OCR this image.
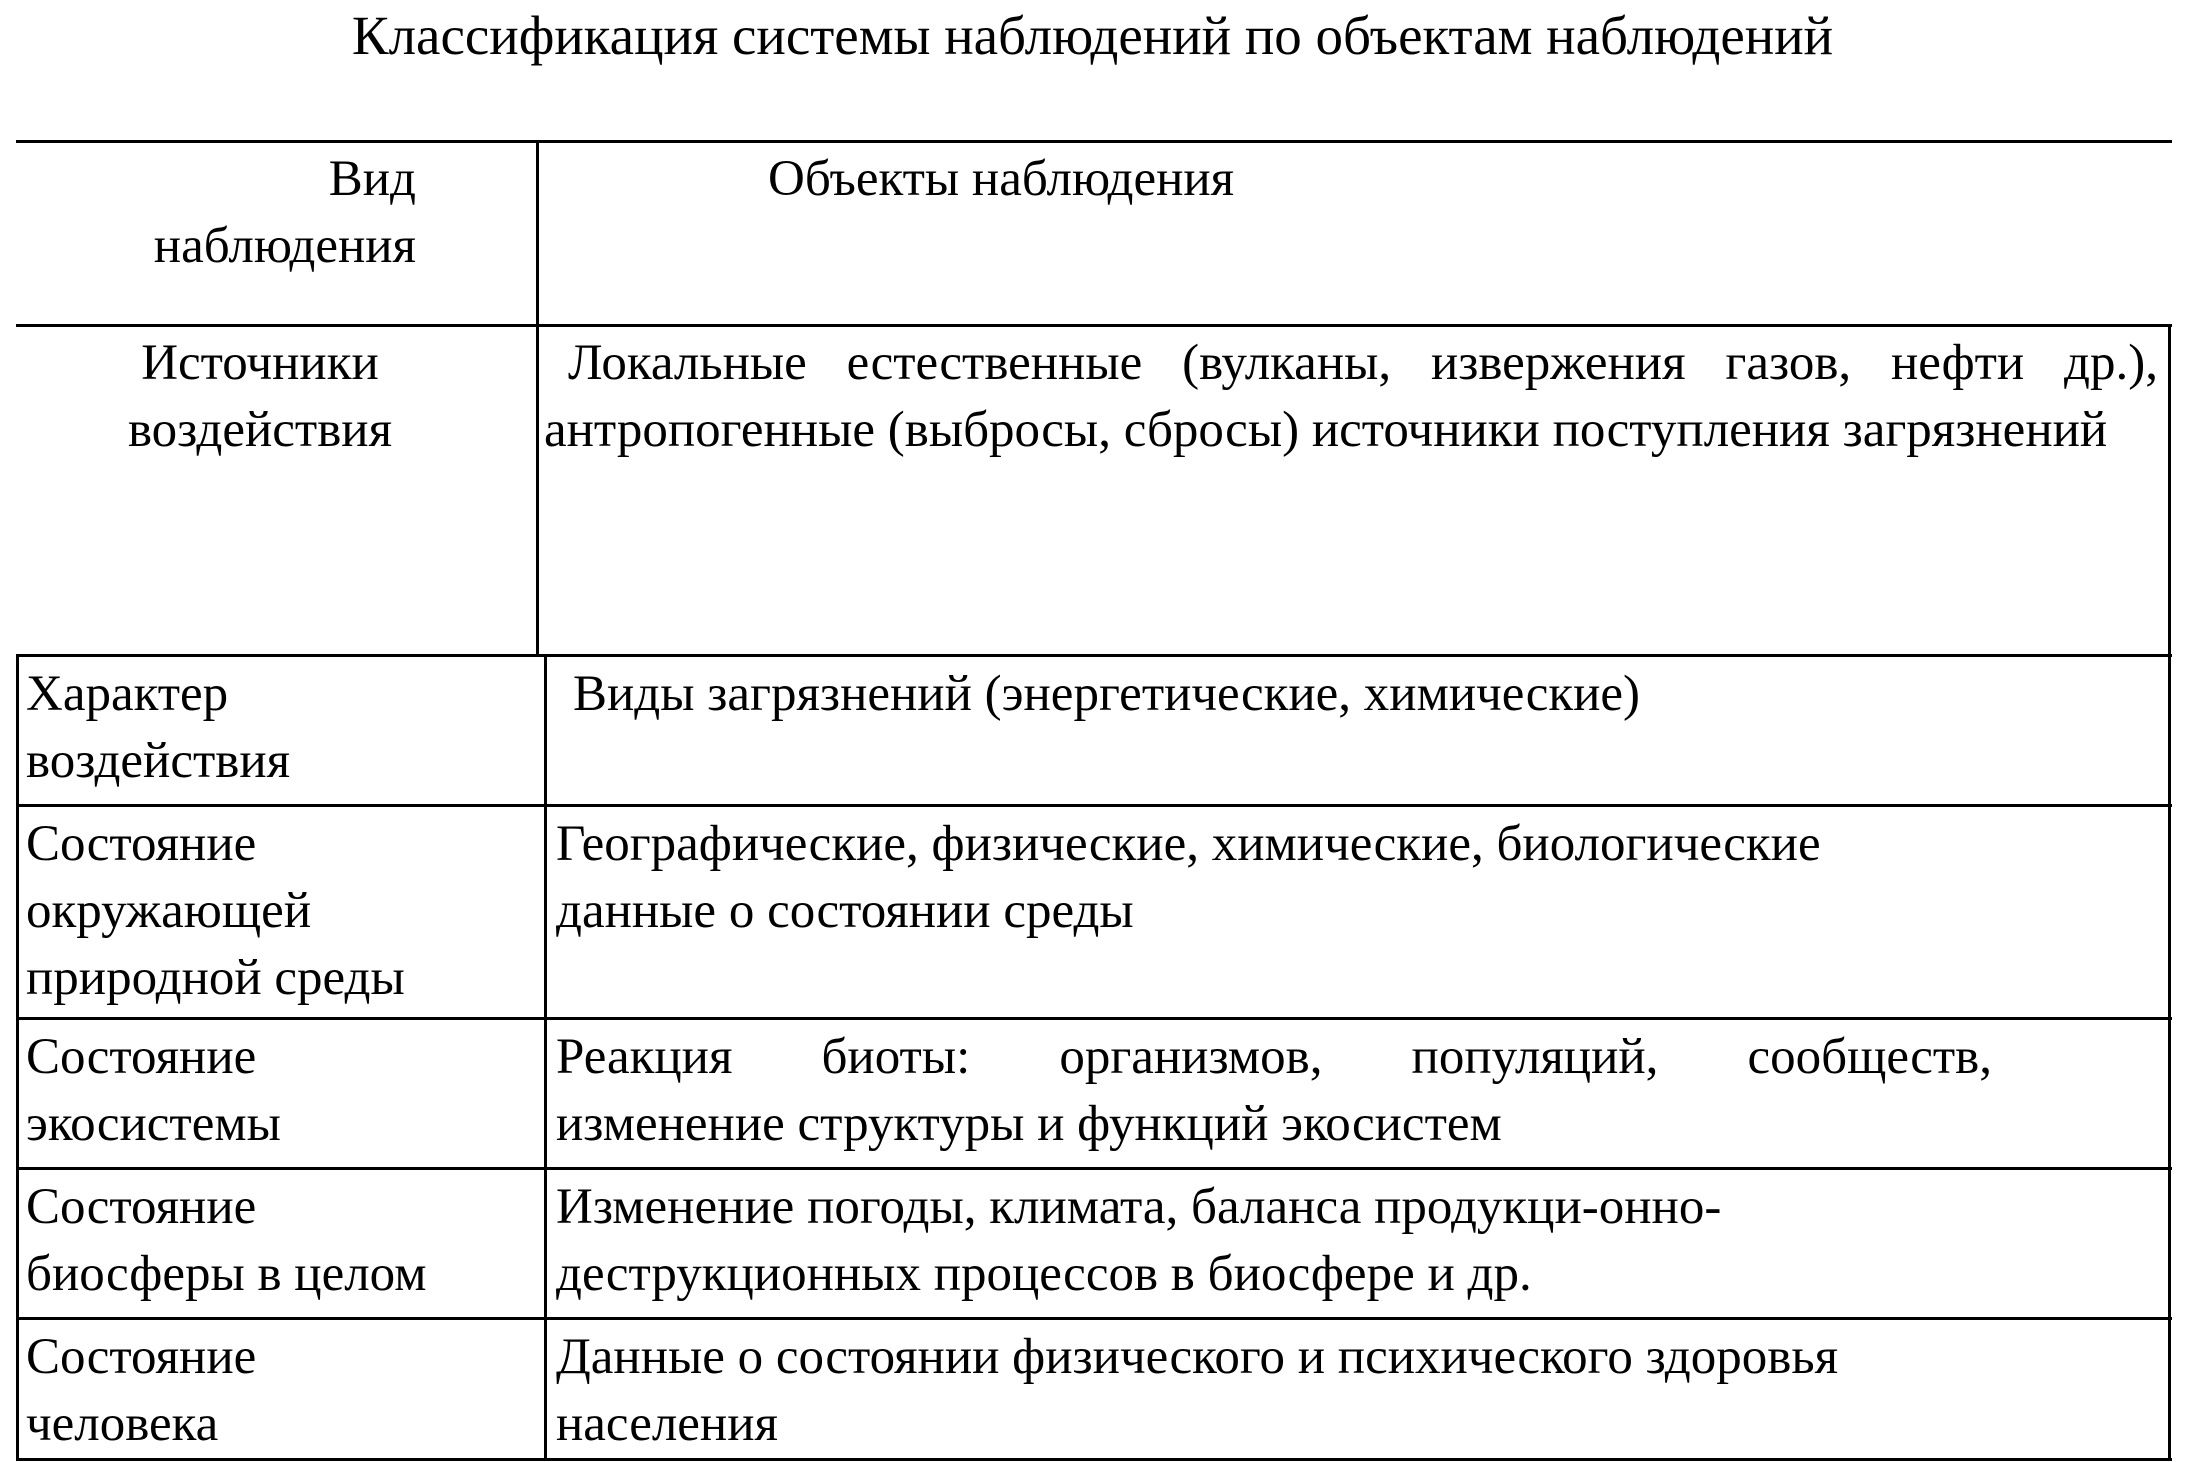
Классификация системы наблюдений по объектам наблюдений
Вид
наблюдения
Объекты наблюдения
Источники
воздействия
Локальные естественные (вулканы, извержения газов, нефти др.), антропогенные (выбросы, сбросы) источники поступления загрязнений
Характер
воздействия
Виды загрязнений (энергетические, химические)
Состояние
окружающей
природной среды
Географические, физические, химические, биологические
данные о состоянии среды
Состояние
экосистемы
Реакция биоты: организмов, популяций, сообществ,
изменение структуры и функций экосистем
Состояние
биосферы в целом
Изменение погоды, климата, баланса продукци-онно-
деструкционных процессов в биосфере и др.
Состояние
человека
Данные о состоянии физического и психического здоровья
населения
